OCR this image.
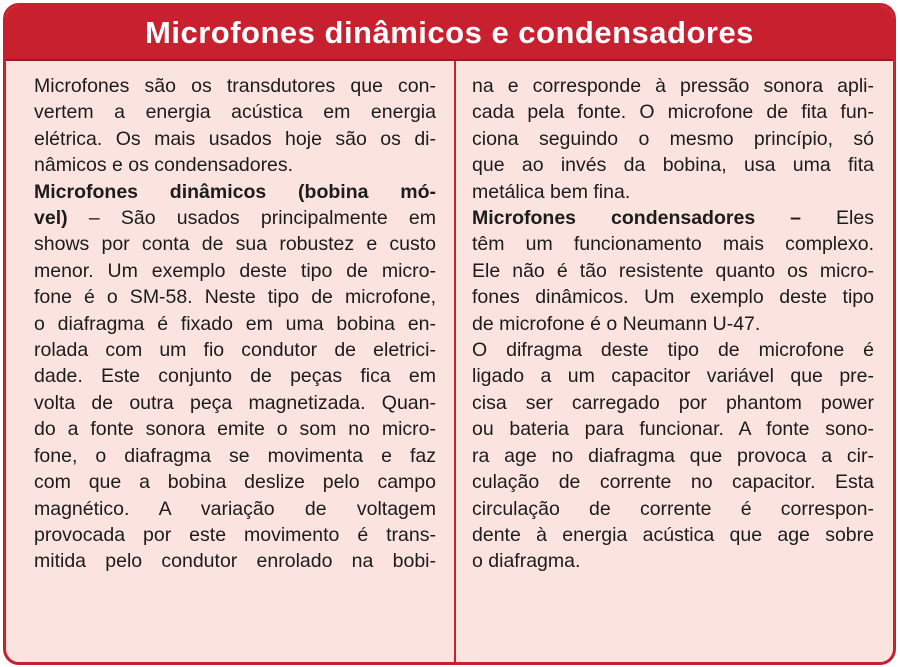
Microfones dinâmicos e condensadores
Microfones são os transdutores que con-
vertem a energia acústica em energia
elétrica. Os mais usados hoje são os di-
nâmicos e os condensadores.
Microfones dinâmicos (bobina mó-
vel) – São usados principalmente em
shows por conta de sua robustez e custo
menor. Um exemplo deste tipo de micro-
fone é o SM-58. Neste tipo de microfone,
o diafragma é fixado em uma bobina en-
rolada com um fio condutor de eletrici-
dade. Este conjunto de peças fica em
volta de outra peça magnetizada. Quan-
do a fonte sonora emite o som no micro-
fone, o diafragma se movimenta e faz
com que a bobina deslize pelo campo
magnético. A variação de voltagem
provocada por este movimento é trans-
mitida pelo condutor enrolado na bobi-
na e corresponde à pressão sonora apli-
cada pela fonte. O microfone de fita fun-
ciona seguindo o mesmo princípio, só
que ao invés da bobina, usa uma fita
metálica bem fina.
Microfones condensadores – Eles
têm um funcionamento mais complexo.
Ele não é tão resistente quanto os micro-
fones dinâmicos. Um exemplo deste tipo
de microfone é o Neumann U-47.
O difragma deste tipo de microfone é
ligado a um capacitor variável que pre-
cisa ser carregado por phantom power
ou bateria para funcionar. A fonte sono-
ra age no diafragma que provoca a cir-
culação de corrente no capacitor. Esta
circulação de corrente é correspon-
dente à energia acústica que age sobre
o diafragma.
